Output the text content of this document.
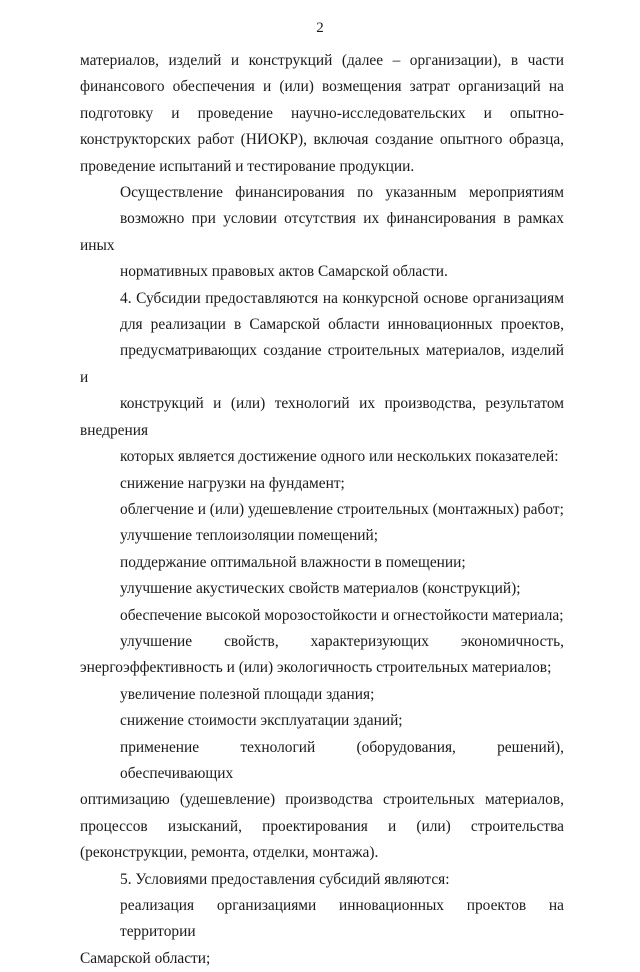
2
материалов, изделий и конструкций (далее – организации), в части
финансового обеспечения и (или) возмещения затрат организаций на
подготовку и проведение научно-исследовательских и опытно-
конструкторских работ (НИОКР), включая создание опытного образца,
проведение испытаний и тестирование продукции.
Осуществление финансирования по указанным мероприятиям
возможно при условии отсутствия их финансирования в рамках иных
нормативных правовых актов Самарской области.
4. Субсидии предоставляются на конкурсной основе организациям
для реализации в Самарской области инновационных проектов,
предусматривающих создание строительных материалов, изделий и
конструкций и (или) технологий их производства, результатом внедрения
которых является достижение одного или нескольких показателей:
снижение нагрузки на фундамент;
облегчение и (или) удешевление строительных (монтажных) работ;
улучшение теплоизоляции помещений;
поддержание оптимальной влажности в помещении;
улучшение акустических свойств материалов (конструкций);
обеспечение высокой морозостойкости и огнестойкости материала;
улучшение свойств, характеризующих экономичность,
энергоэффективность и (или) экологичность строительных материалов;
увеличение полезной площади здания;
снижение стоимости эксплуатации зданий;
применение технологий (оборудования, решений), обеспечивающих
оптимизацию (удешевление) производства строительных материалов,
процессов изысканий, проектирования и (или) строительства
(реконструкции, ремонта, отделки, монтажа).
5. Условиями предоставления субсидий являются:
реализация организациями инновационных проектов на территории
Самарской области;
